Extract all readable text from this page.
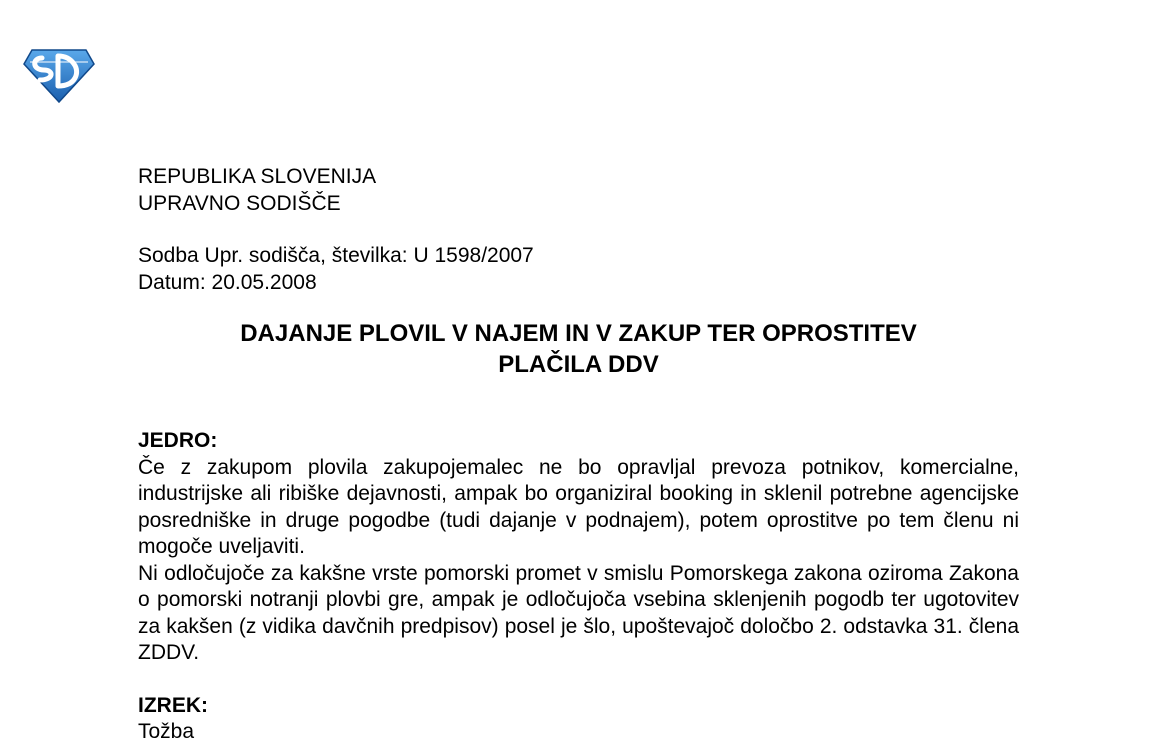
REPUBLIKA SLOVENIJA
UPRAVNO SODIŠČE
Sodba Upr. sodišča, številka: U 1598/2007
Datum: 20.05.2008
DAJANJE PLOVIL V NAJEM IN V ZAKUP TER OPROSTITEV
PLAČILA DDV
JEDRO:

Če z zakupom plovila zakupojemalec ne bo opravljal prevoza potnikov, komercialne, industrijske ali ribiške dejavnosti, ampak bo organiziral booking in sklenil potrebne agencijske posredniške in druge pogodbe (tudi dajanje v podnajem), potem oprostitve po tem členu ni mogoče uveljaviti.

Ni odločujoče za kakšne vrste pomorski promet v smislu Pomorskega zakona oziroma Zakona o pomorski notranji plovbi gre, ampak je odločujoča vsebina sklenjenih pogodb ter ugotovitev za kakšen (z vidika davčnih predpisov) posel je šlo, upoštevajoč določbo 2. odstavka 31. člena ZDDV.

IZREK:
Tožba
